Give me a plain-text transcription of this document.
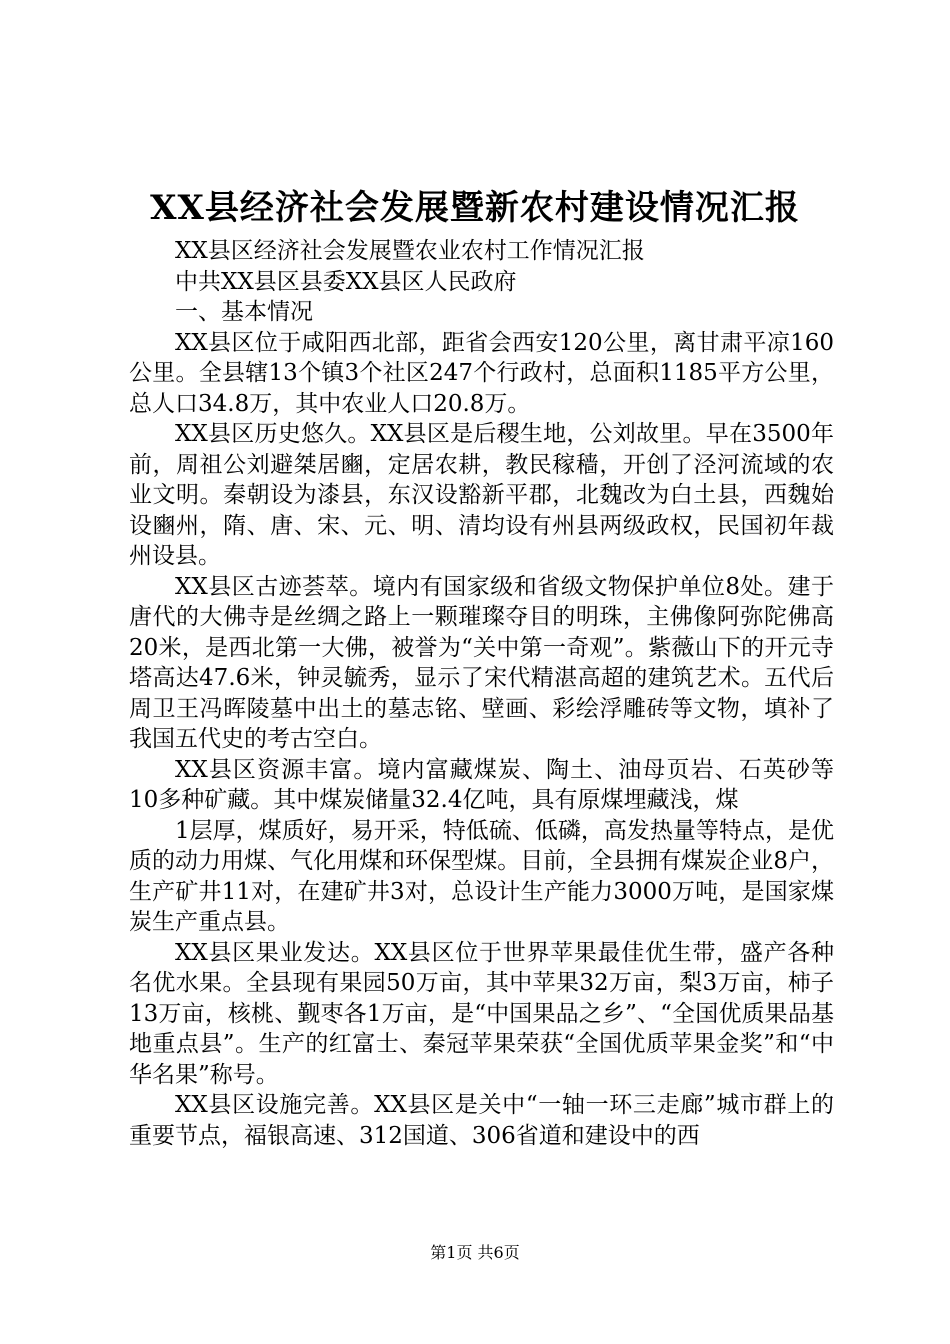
XX县经济社会发展暨新农村建设情况汇报

XX县区经济社会发展暨农业农村工作情况汇报

中共XX县区县委XX县区人民政府

一、基本情况

XX县区位于咸阳西北部，距省会西安120公里，离甘肃平凉160公里。全县辖13个镇3个社区247个行政村，总面积1185平方公里，总人口34.8万，其中农业人口20.8万。

XX县区历史悠久。XX县区是后稷生地，公刘故里。早在3500年前，周祖公刘避桀居豳，定居农耕，教民稼穑，开创了泾河流域的农业文明。秦朝设为漆县，东汉设豁新平郡，北魏改为白土县，西魏始设豳州，隋、唐、宋、元、明、清均设有州县两级政权，民国初年裁州设县。

XX县区古迹荟萃。境内有国家级和省级文物保护单位8处。建于唐代的大佛寺是丝绸之路上一颗璀璨夺目的明珠，主佛像阿弥陀佛高20米，是西北第一大佛，被誉为“关中第一奇观”。紫薇山下的开元寺塔高达47.6米，钟灵毓秀，显示了宋代精湛高超的建筑艺术。五代后周卫王冯晖陵墓中出土的墓志铭、壁画、彩绘浮雕砖等文物，填补了我国五代史的考古空白。

XX县区资源丰富。境内富藏煤炭、陶土、油母页岩、石英砂等10多种矿藏。其中煤炭储量32.4亿吨，具有原煤埋藏浅，煤

1层厚，煤质好，易开采，特低硫、低磷，高发热量等特点，是优质的动力用煤、气化用煤和环保型煤。目前，全县拥有煤炭企业8户，生产矿井11对，在建矿井3对，总设计生产能力3000万吨，是国家煤炭生产重点县。

XX县区果业发达。XX县区位于世界苹果最佳优生带，盛产各种名优水果。全县现有果园50万亩，其中苹果32万亩，梨3万亩，柿子13万亩，核桃、觐枣各1万亩，是“中国果品之乡”、“全国优质果品基地重点县”。生产的红富士、秦冠苹果荣获“全国优质苹果金奖”和“中华名果”称号。

XX县区设施完善。XX县区是关中“一轴一环三走廊”城市群上的重要节点，福银高速、312国道、306省道和建设中的西

第1页 共6页
